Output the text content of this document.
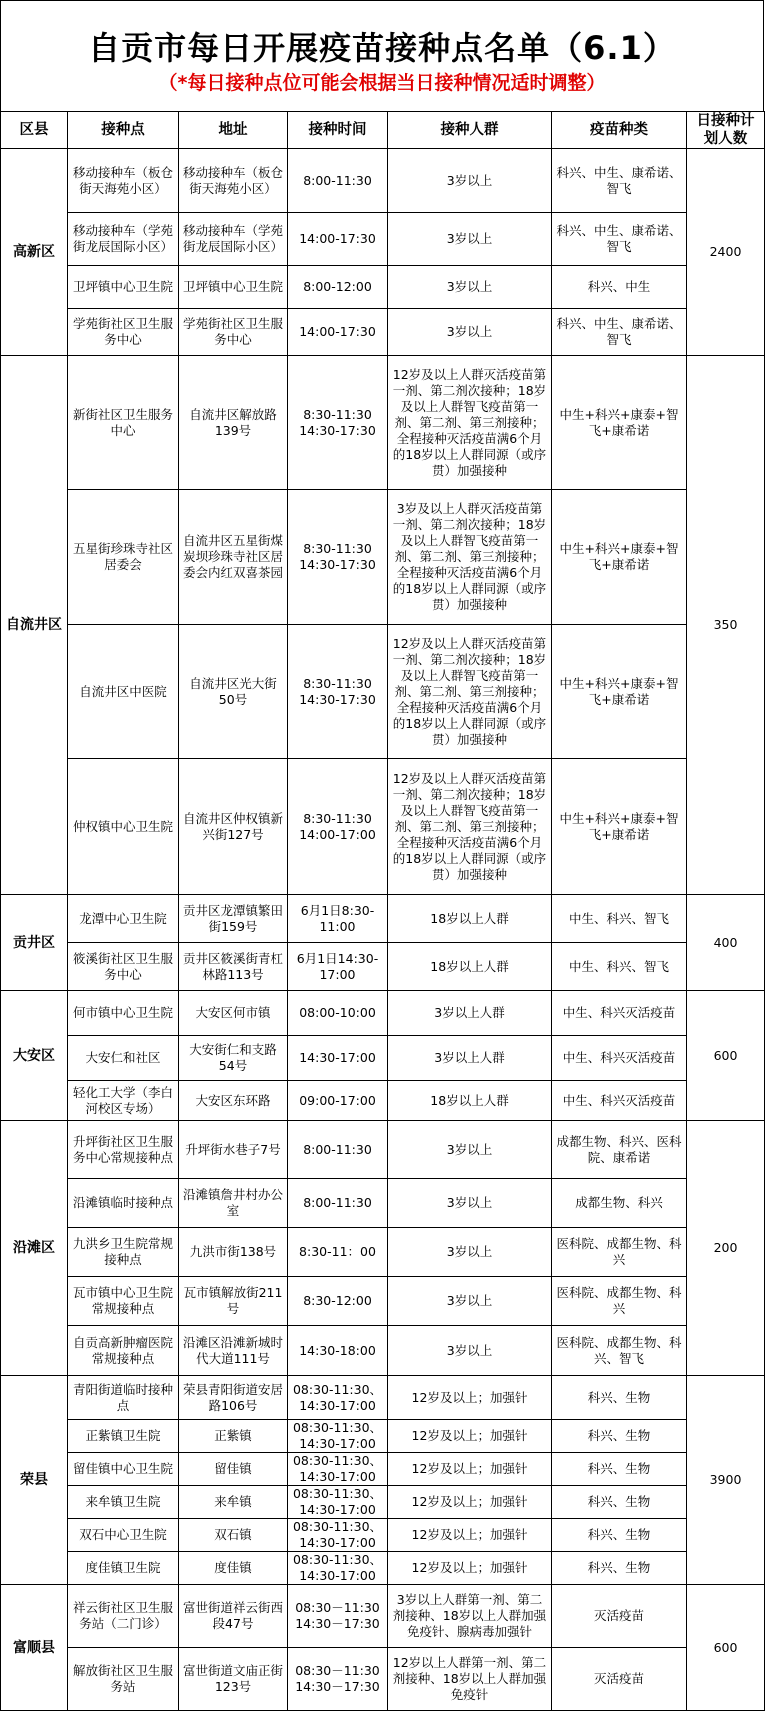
自贡市每日开展疫苗接种点名单（6.1）
（*每日接种点位可能会根据当日接种情况适时调整）
区县	接种点	地址	接种时间	接种人群	疫苗种类	日接种计划人数
高新区	移动接种车（板仓街天海苑小区）	移动接种车（板仓街天海苑小区）	8:00-11:30	3岁以上	科兴、中生、康希诺、智飞	2400
	移动接种车（学苑街龙辰国际小区）	移动接种车（学苑街龙辰国际小区）	14:00-17:30	3岁以上	科兴、中生、康希诺、智飞	
	卫坪镇中心卫生院	卫坪镇中心卫生院	8:00-12:00	3岁以上	科兴、中生	
	学苑街社区卫生服务中心	学苑街社区卫生服务中心	14:00-17:30	3岁以上	科兴、中生、康希诺、智飞	
自流井区	新街社区卫生服务中心	自流井区解放路139号	8:30-11:30 14:30-17:30	12岁及以上人群灭活疫苗第一剂、第二剂次接种；18岁及以上人群智飞疫苗第一剂、第二剂、第三剂接种；全程接种灭活疫苗满6个月的18岁以上人群同源（或序贯）加强接种	中生+科兴+康泰+智飞+康希诺	350
	五星街珍珠寺社区居委会	自流井区五星街煤炭坝珍珠寺社区居委会内红双喜茶园	8:30-11:30 14:30-17:30	3岁及以上人群灭活疫苗第一剂、第二剂次接种；18岁及以上人群智飞疫苗第一剂、第二剂、第三剂接种；全程接种灭活疫苗满6个月的18岁以上人群同源（或序贯）加强接种	中生+科兴+康泰+智飞+康希诺	
	自流井区中医院	自流井区光大街50号	8:30-11:30 14:30-17:30	12岁及以上人群灭活疫苗第一剂、第二剂次接种；18岁及以上人群智飞疫苗第一剂、第二剂、第三剂接种；全程接种灭活疫苗满6个月的18岁以上人群同源（或序贯）加强接种	中生+科兴+康泰+智飞+康希诺	
	仲权镇中心卫生院	自流井区仲权镇新兴街127号	8:30-11:30 14:00-17:00	12岁及以上人群灭活疫苗第一剂、第二剂次接种；18岁及以上人群智飞疫苗第一剂、第二剂、第三剂接种；全程接种灭活疫苗满6个月的18岁以上人群同源（或序贯）加强接种	中生+科兴+康泰+智飞+康希诺	
贡井区	龙潭中心卫生院	贡井区龙潭镇繁田街159号	6月1日8:30-11:00	18岁以上人群	中生、科兴、智飞	400
	筱溪街社区卫生服务中心	贡井区筱溪街青杠林路113号	6月1日14:30-17:00	18岁以上人群	中生、科兴、智飞	
大安区	何市镇中心卫生院	大安区何市镇	08:00-10:00	3岁以上人群	中生、科兴灭活疫苗	600
	大安仁和社区	大安街仁和支路54号	14:30-17:00	3岁以上人群	中生、科兴灭活疫苗	
	轻化工大学（李白河校区专场）	大安区东环路	09:00-17:00	18岁以上人群	中生、科兴灭活疫苗	
沿滩区	升坪街社区卫生服务中心常规接种点	升坪街水巷子7号	8:00-11:30	3岁以上	成都生物、科兴、医科院、康希诺	200
	沿滩镇临时接种点	沿滩镇詹井村办公室	8:00-11:30	3岁以上	成都生物、科兴	
	九洪乡卫生院常规接种点	九洪市街138号	8:30-11：00	3岁以上	医科院、成都生物、科兴	
	瓦市镇中心卫生院常规接种点	瓦市镇解放街211号	8:30-12:00	3岁以上	医科院、成都生物、科兴	
	自贡高新肿瘤医院常规接种点	沿滩区沿滩新城时代大道111号	14:30-18:00	3岁以上	医科院、成都生物、科兴、智飞	
荣县	青阳街道临时接种点	荣县青阳街道安居路106号	08:30-11:30、14:30-17:00	12岁及以上；加强针	科兴、生物	3900
	正紫镇卫生院	正紫镇	08:30-11:30、14:30-17:00	12岁及以上；加强针	科兴、生物	
	留佳镇中心卫生院	留佳镇	08:30-11:30、14:30-17:00	12岁及以上；加强针	科兴、生物	
	来牟镇卫生院	来牟镇	08:30-11:30、14:30-17:00	12岁及以上；加强针	科兴、生物	
	双石中心卫生院	双石镇	08:30-11:30、14:30-17:00	12岁及以上；加强针	科兴、生物	
	度佳镇卫生院	度佳镇	08:30-11:30、14:30-17:00	12岁及以上；加强针	科兴、生物	
富顺县	祥云街社区卫生服务站（二门诊）	富世街道祥云街西段47号	08:30－11:30 14:30－17:30	3岁以上人群第一剂、第二剂接种、18岁以上人群加强免疫针、腺病毒加强针	灭活疫苗	600
	解放街社区卫生服务站	富世街道文庙正街123号	08:30－11:30 14:30－17:30	12岁以上人群第一剂、第二剂接种、18岁以上人群加强免疫针	灭活疫苗	
